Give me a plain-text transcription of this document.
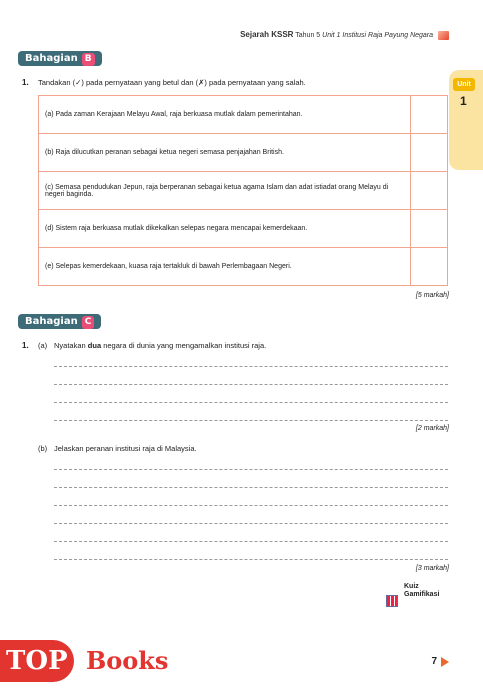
Sejarah KSSR Tahun 5 Unit 1 Institusi Raja Payung Negara
Unit
1
Bahagian B
1. Tandakan (✓) pada pernyataan yang betul dan (✗) pada pernyataan yang salah.
(a) Pada zaman Kerajaan Melayu Awal, raja berkuasa mutlak dalam pemerintahan.	
(b) Raja dilucutkan peranan sebagai ketua negeri semasa penjajahan British.	
(c) Semasa pendudukan Jepun, raja berperanan sebagai ketua agama Islam dan adat istiadat orang Melayu di negeri baginda.	
(d) Sistem raja berkuasa mutlak dikekalkan selepas negara mencapai kemerdekaan.	
(e) Selepas kemerdekaan, kuasa raja tertakluk di bawah Perlembagaan Negeri.	
[5 markah]
Bahagian C
1. (a) Nyatakan dua negara di dunia yang mengamalkan institusi raja.
[2 markah]
(b) Jelaskan peranan institusi raja di Malaysia.
[3 markah]
Kuiz
Gamifikasi
TOP Books	7
